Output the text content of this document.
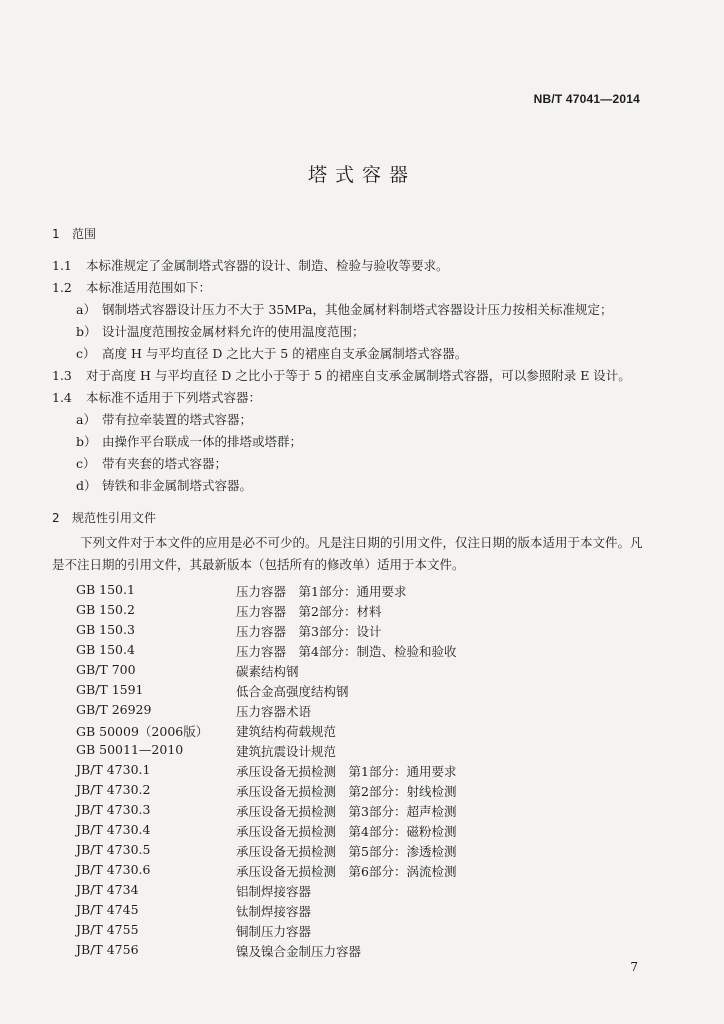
NB/T 47041—2014
塔式容器
1 范围
1.1 本标准规定了金属制塔式容器的设计、制造、检验与验收等要求。
1.2 本标准适用范围如下：
a） 钢制塔式容器设计压力不大于 35MPa，其他金属材料制塔式容器设计压力按相关标准规定；
b） 设计温度范围按金属材料允许的使用温度范围；
c） 高度 H 与平均直径 D 之比大于 5 的裙座自支承金属制塔式容器。
1.3 对于高度 H 与平均直径 D 之比小于等于 5 的裙座自支承金属制塔式容器，可以参照附录 E 设计。
1.4 本标准不适用于下列塔式容器：
a） 带有拉牵装置的塔式容器；
b） 由操作平台联成一体的排塔或塔群；
c） 带有夹套的塔式容器；
d） 铸铁和非金属制塔式容器。
2 规范性引用文件
下列文件对于本文件的应用是必不可少的。凡是注日期的引用文件，仅注日期的版本适用于本文件。凡是不注日期的引用文件，其最新版本（包括所有的修改单）适用于本文件。
GB 150.1	压力容器　第1部分：通用要求
GB 150.2	压力容器　第2部分：材料
GB 150.3	压力容器　第3部分：设计
GB 150.4	压力容器　第4部分：制造、检验和验收
GB/T 700	碳素结构钢
GB/T 1591	低合金高强度结构钢
GB/T 26929	压力容器术语
GB 50009（2006版） 建筑结构荷载规范
GB 50011—2010	建筑抗震设计规范
JB/T 4730.1	承压设备无损检测　第1部分：通用要求
JB/T 4730.2	承压设备无损检测　第2部分：射线检测
JB/T 4730.3	承压设备无损检测　第3部分：超声检测
JB/T 4730.4	承压设备无损检测　第4部分：磁粉检测
JB/T 4730.5	承压设备无损检测　第5部分：渗透检测
JB/T 4730.6	承压设备无损检测　第6部分：涡流检测
JB/T 4734	铝制焊接容器
JB/T 4745	钛制焊接容器
JB/T 4755	铜制压力容器
JB/T 4756	镍及镍合金制压力容器
7
